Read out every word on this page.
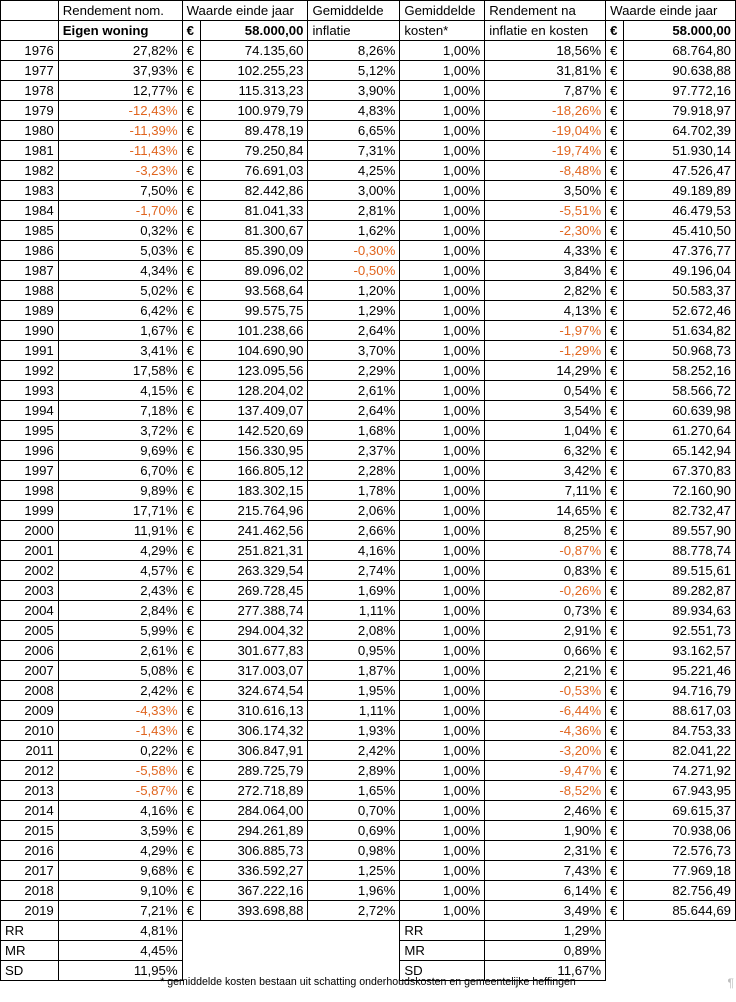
	Rendement nom.	Waarde einde jaar		Gemiddelde	Gemiddelde	Rendement na	Waarde einde jaar	
	Eigen woning	€	58.000,00	inflatie	kosten*	inflatie en kosten	€	58.000,00
1976	27,82%	€	74.135,60	8,26%	1,00%	18,56%	€	68.764,80
1977	37,93%	€	102.255,23	5,12%	1,00%	31,81%	€	90.638,88
1978	12,77%	€	115.313,23	3,90%	1,00%	7,87%	€	97.772,16
1979	-12,43%	€	100.979,79	4,83%	1,00%	-18,26%	€	79.918,97
1980	-11,39%	€	89.478,19	6,65%	1,00%	-19,04%	€	64.702,39
1981	-11,43%	€	79.250,84	7,31%	1,00%	-19,74%	€	51.930,14
1982	-3,23%	€	76.691,03	4,25%	1,00%	-8,48%	€	47.526,47
1983	7,50%	€	82.442,86	3,00%	1,00%	3,50%	€	49.189,89
1984	-1,70%	€	81.041,33	2,81%	1,00%	-5,51%	€	46.479,53
1985	0,32%	€	81.300,67	1,62%	1,00%	-2,30%	€	45.410,50
1986	5,03%	€	85.390,09	-0,30%	1,00%	4,33%	€	47.376,77
1987	4,34%	€	89.096,02	-0,50%	1,00%	3,84%	€	49.196,04
1988	5,02%	€	93.568,64	1,20%	1,00%	2,82%	€	50.583,37
1989	6,42%	€	99.575,75	1,29%	1,00%	4,13%	€	52.672,46
1990	1,67%	€	101.238,66	2,64%	1,00%	-1,97%	€	51.634,82
1991	3,41%	€	104.690,90	3,70%	1,00%	-1,29%	€	50.968,73
1992	17,58%	€	123.095,56	2,29%	1,00%	14,29%	€	58.252,16
1993	4,15%	€	128.204,02	2,61%	1,00%	0,54%	€	58.566,72
1994	7,18%	€	137.409,07	2,64%	1,00%	3,54%	€	60.639,98
1995	3,72%	€	142.520,69	1,68%	1,00%	1,04%	€	61.270,64
1996	9,69%	€	156.330,95	2,37%	1,00%	6,32%	€	65.142,94
1997	6,70%	€	166.805,12	2,28%	1,00%	3,42%	€	67.370,83
1998	9,89%	€	183.302,15	1,78%	1,00%	7,11%	€	72.160,90
1999	17,71%	€	215.764,96	2,06%	1,00%	14,65%	€	82.732,47
2000	11,91%	€	241.462,56	2,66%	1,00%	8,25%	€	89.557,90
2001	4,29%	€	251.821,31	4,16%	1,00%	-0,87%	€	88.778,74
2002	4,57%	€	263.329,54	2,74%	1,00%	0,83%	€	89.515,61
2003	2,43%	€	269.728,45	1,69%	1,00%	-0,26%	€	89.282,87
2004	2,84%	€	277.388,74	1,11%	1,00%	0,73%	€	89.934,63
2005	5,99%	€	294.004,32	2,08%	1,00%	2,91%	€	92.551,73
2006	2,61%	€	301.677,83	0,95%	1,00%	0,66%	€	93.162,57
2007	5,08%	€	317.003,07	1,87%	1,00%	2,21%	€	95.221,46
2008	2,42%	€	324.674,54	1,95%	1,00%	-0,53%	€	94.716,79
2009	-4,33%	€	310.616,13	1,11%	1,00%	-6,44%	€	88.617,03
2010	-1,43%	€	306.174,32	1,93%	1,00%	-4,36%	€	84.753,33
2011	0,22%	€	306.847,91	2,42%	1,00%	-3,20%	€	82.041,22
2012	-5,58%	€	289.725,79	2,89%	1,00%	-9,47%	€	74.271,92
2013	-5,87%	€	272.718,89	1,65%	1,00%	-8,52%	€	67.943,95
2014	4,16%	€	284.064,00	0,70%	1,00%	2,46%	€	69.615,37
2015	3,59%	€	294.261,89	0,69%	1,00%	1,90%	€	70.938,06
2016	4,29%	€	306.885,73	0,98%	1,00%	2,31%	€	72.576,73
2017	9,68%	€	336.592,27	1,25%	1,00%	7,43%	€	77.969,18
2018	9,10%	€	367.222,16	1,96%	1,00%	6,14%	€	82.756,49
2019	7,21%	€	393.698,88	2,72%	1,00%	3,49%	€	85.644,69
RR	4,81%				RR	1,29%		
MR	4,45%				MR	0,89%		
SD	11,95%				SD	11,67%		
* gemiddelde kosten bestaan uit schatting onderhoudskosten en gemeentelijke heffingen	¶
